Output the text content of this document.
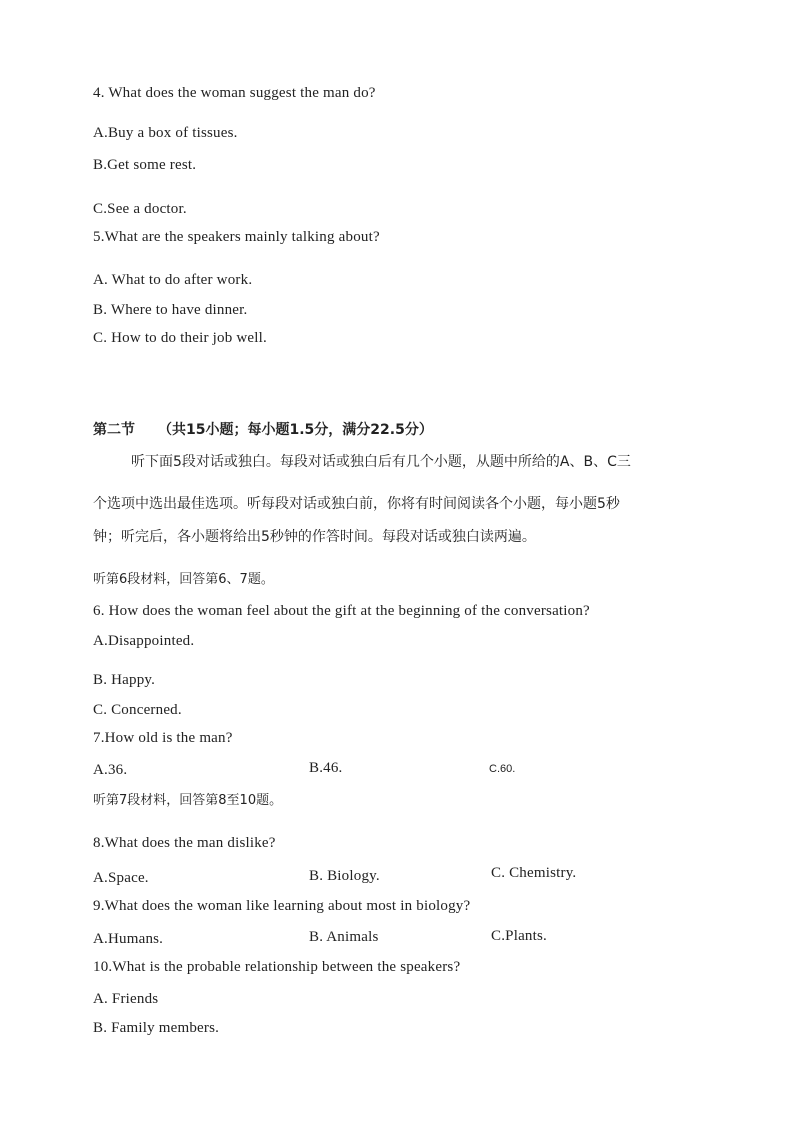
4. What does the woman suggest the man do?
A.Buy a box of tissues.
B.Get some rest.
C.See a doctor.
5.What are the speakers mainly talking about?
A. What to do after work.
B. Where to have dinner.
C. How to do their job well.
第二节 （共15小题；每小题1.5分，满分22.5分）
听下面5段对话或独白。每段对话或独白后有几个小题，从题中所给的A、B、C三
个选项中选出最佳选项。听每段对话或独白前，你将有时间阅读各个小题，每小题5秒
钟；听完后，各小题将给出5秒钟的作答时间。每段对话或独白读两遍。
听第6段材料，回答第6、7题。
6. How does the woman feel about the gift at the beginning of the conversation?
A.Disappointed.
B. Happy.
C. Concerned.
7.How old is the man?
A.36.	B.46.	C.60.
听第7段材料，回答第8至10题。
8.What does the man dislike?
A.Space.	B. Biology.	C. Chemistry.
9.What does the woman like learning about most in biology?
A.Humans.	B. Animals	C.Plants.
10.What is the probable relationship between the speakers?
A. Friends
B. Family members.
